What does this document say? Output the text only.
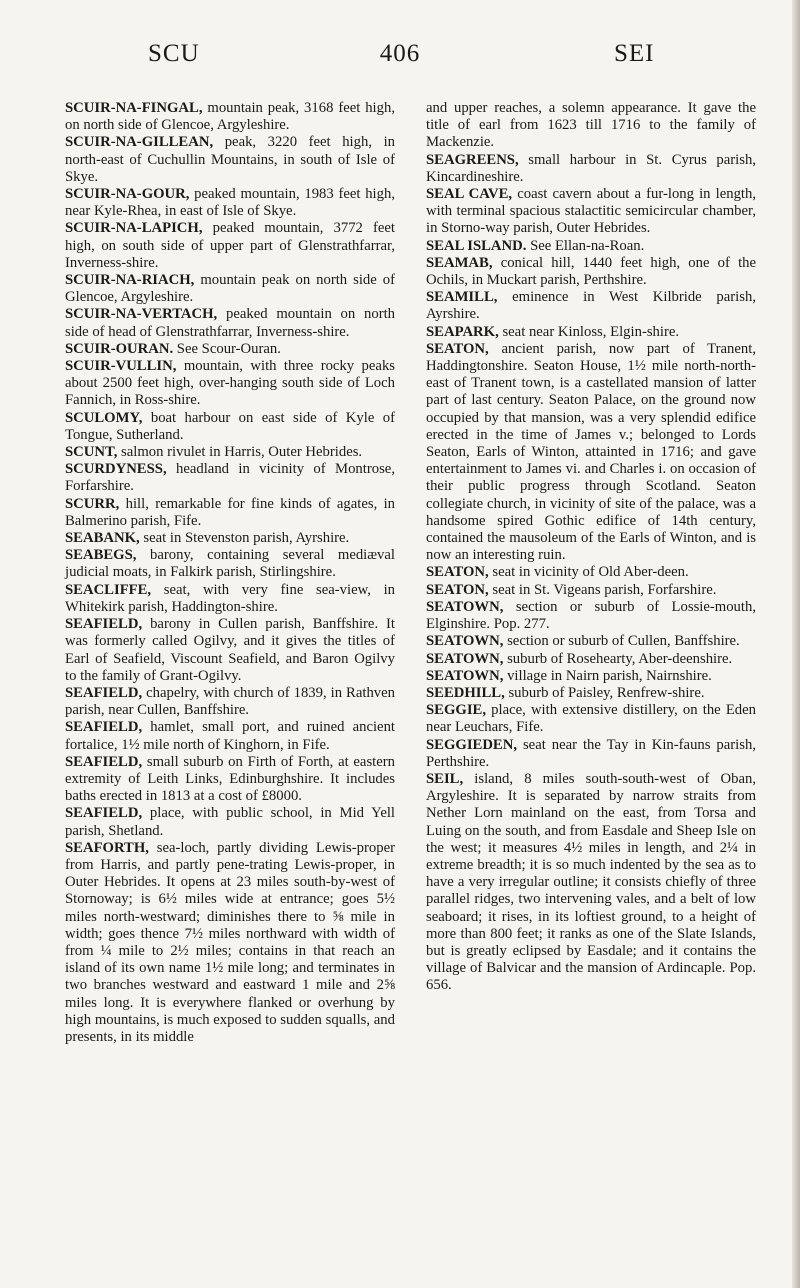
SCU	406	SEI

SCUIR-NA-FINGAL, mountain peak, 3168 feet high, on north side of Glencoe, Argyleshire.

SCUIR-NA-GILLEAN, peak, 3220 feet high, in north-east of Cuchullin Mountains, in south of Isle of Skye.

SCUIR-NA-GOUR, peaked mountain, 1983 feet high, near Kyle-Rhea, in east of Isle of Skye.

SCUIR-NA-LAPICH, peaked mountain, 3772 feet high, on south side of upper part of Glenstrathfarrar, Inverness-shire.

SCUIR-NA-RIACH, mountain peak on north side of Glencoe, Argyleshire.

SCUIR-NA-VERTACH, peaked mountain on north side of head of Glenstrathfarrar, Inverness-shire.

SCUIR-OURAN. See Scour-Ouran.

SCUIR-VULLIN, mountain, with three rocky peaks about 2500 feet high, over-hanging south side of Loch Fannich, in Ross-shire.

SCULOMY, boat harbour on east side of Kyle of Tongue, Sutherland.

SCUNT, salmon rivulet in Harris, Outer Hebrides.

SCURDYNESS, headland in vicinity of Montrose, Forfarshire.

SCURR, hill, remarkable for fine kinds of agates, in Balmerino parish, Fife.

SEABANK, seat in Stevenston parish, Ayrshire.

SEABEGS, barony, containing several mediæval judicial moats, in Falkirk parish, Stirlingshire.

SEACLIFFE, seat, with very fine sea-view, in Whitekirk parish, Haddington-shire.

SEAFIELD, barony in Cullen parish, Banffshire. It was formerly called Ogilvy, and it gives the titles of Earl of Seafield, Viscount Seafield, and Baron Ogilvy to the family of Grant-Ogilvy.

SEAFIELD, chapelry, with church of 1839, in Rathven parish, near Cullen, Banffshire.

SEAFIELD, hamlet, small port, and ruined ancient fortalice, 1½ mile north of Kinghorn, in Fife.

SEAFIELD, small suburb on Firth of Forth, at eastern extremity of Leith Links, Edinburghshire. It includes baths erected in 1813 at a cost of £8000.

SEAFIELD, place, with public school, in Mid Yell parish, Shetland.

SEAFORTH, sea-loch, partly dividing Lewis-proper from Harris, and partly pene-trating Lewis-proper, in Outer Hebrides. It opens at 23 miles south-by-west of Stornoway; is 6½ miles wide at entrance; goes 5½ miles north-westward; diminishes there to ⅝ mile in width; goes thence 7½ miles northward with width of from ¼ mile to 2½ miles; contains in that reach an island of its own name 1½ mile long; and terminates in two branches westward and eastward 1 mile and 2⅝ miles long. It is everywhere flanked or overhung by high mountains, is much exposed to sudden squalls, and presents, in its middle

and upper reaches, a solemn appearance. It gave the title of earl from 1623 till 1716 to the family of Mackenzie.

SEAGREENS, small harbour in St. Cyrus parish, Kincardineshire.

SEAL CAVE, coast cavern about a fur-long in length, with terminal spacious stalactitic semicircular chamber, in Storno-way parish, Outer Hebrides.

SEAL ISLAND. See Ellan-na-Roan.

SEAMAB, conical hill, 1440 feet high, one of the Ochils, in Muckart parish, Perthshire.

SEAMILL, eminence in West Kilbride parish, Ayrshire.

SEAPARK, seat near Kinloss, Elgin-shire.

SEATON, ancient parish, now part of Tranent, Haddingtonshire. Seaton House, 1½ mile north-north-east of Tranent town, is a castellated mansion of latter part of last century. Seaton Palace, on the ground now occupied by that mansion, was a very splendid edifice erected in the time of James v.; belonged to Lords Seaton, Earls of Winton, attainted in 1716; and gave entertainment to James vi. and Charles i. on occasion of their public progress through Scotland. Seaton collegiate church, in vicinity of site of the palace, was a handsome spired Gothic edifice of 14th century, contained the mausoleum of the Earls of Winton, and is now an interesting ruin.

SEATON, seat in vicinity of Old Aber-deen.

SEATON, seat in St. Vigeans parish, Forfarshire.

SEATOWN, section or suburb of Lossie-mouth, Elginshire. Pop. 277.

SEATOWN, section or suburb of Cullen, Banffshire.

SEATOWN, suburb of Rosehearty, Aber-deenshire.

SEATOWN, village in Nairn parish, Nairnshire.

SEEDHILL, suburb of Paisley, Renfrew-shire.

SEGGIE, place, with extensive distillery, on the Eden near Leuchars, Fife.

SEGGIEDEN, seat near the Tay in Kin-fauns parish, Perthshire.

SEIL, island, 8 miles south-south-west of Oban, Argyleshire. It is separated by narrow straits from Nether Lorn mainland on the east, from Torsa and Luing on the south, and from Easdale and Sheep Isle on the west; it measures 4½ miles in length, and 2¼ in extreme breadth; it is so much indented by the sea as to have a very irregular outline; it consists chiefly of three parallel ridges, two intervening vales, and a belt of low seaboard; it rises, in its loftiest ground, to a height of more than 800 feet; it ranks as one of the Slate Islands, but is greatly eclipsed by Easdale; and it contains the village of Balvicar and the mansion of Ardincaple. Pop. 656.
